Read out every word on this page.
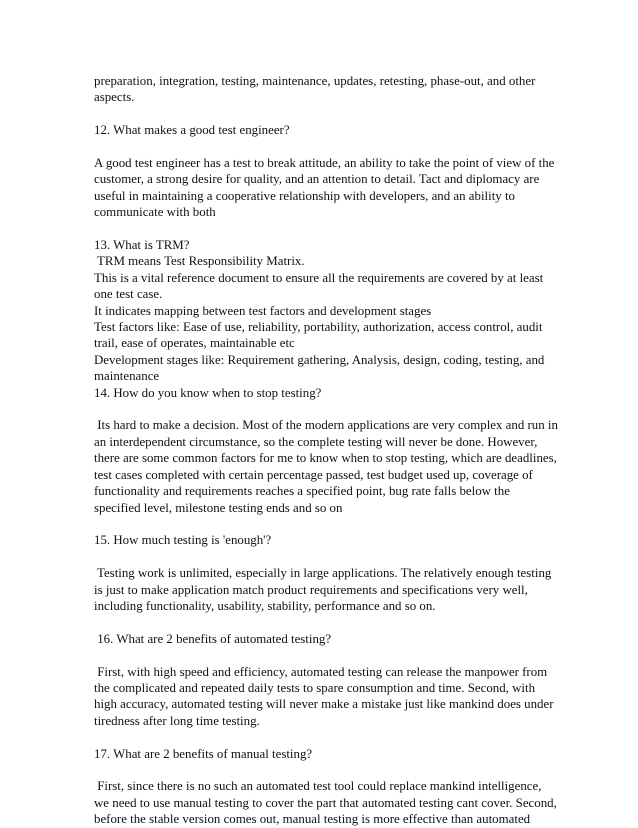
preparation, integration, testing, maintenance, updates, retesting, phase-out, and other
aspects.
12. What makes a good test engineer?
A good test engineer has a test to break attitude, an ability to take the point of view of the
customer, a strong desire for quality, and an attention to detail. Tact and diplomacy are
useful in maintaining a cooperative relationship with developers, and an ability to
communicate with both
13. What is TRM?
TRM means Test Responsibility Matrix.
This is a vital reference document to ensure all the requirements are covered by at least
one test case.
It indicates mapping between test factors and development stages
Test factors like: Ease of use, reliability, portability, authorization, access control, audit
trail, ease of operates, maintainable etc
Development stages like: Requirement gathering, Analysis, design, coding, testing, and
maintenance
14. How do you know when to stop testing?
Its hard to make a decision. Most of the modern applications are very complex and run in
an interdependent circumstance, so the complete testing will never be done. However,
there are some common factors for me to know when to stop testing, which are deadlines,
test cases completed with certain percentage passed, test budget used up, coverage of
functionality and requirements reaches a specified point, bug rate falls below the
specified level, milestone testing ends and so on
15. How much testing is 'enough'?
Testing work is unlimited, especially in large applications. The relatively enough testing
is just to make application match product requirements and specifications very well,
including functionality, usability, stability, performance and so on.
16. What are 2 benefits of automated testing?
First, with high speed and efficiency, automated testing can release the manpower from
the complicated and repeated daily tests to spare consumption and time. Second, with
high accuracy, automated testing will never make a mistake just like mankind does under
tiredness after long time testing.
17. What are 2 benefits of manual testing?
First, since there is no such an automated test tool could replace mankind intelligence,
we need to use manual testing to cover the part that automated testing cant cover. Second,
before the stable version comes out, manual testing is more effective than automated
